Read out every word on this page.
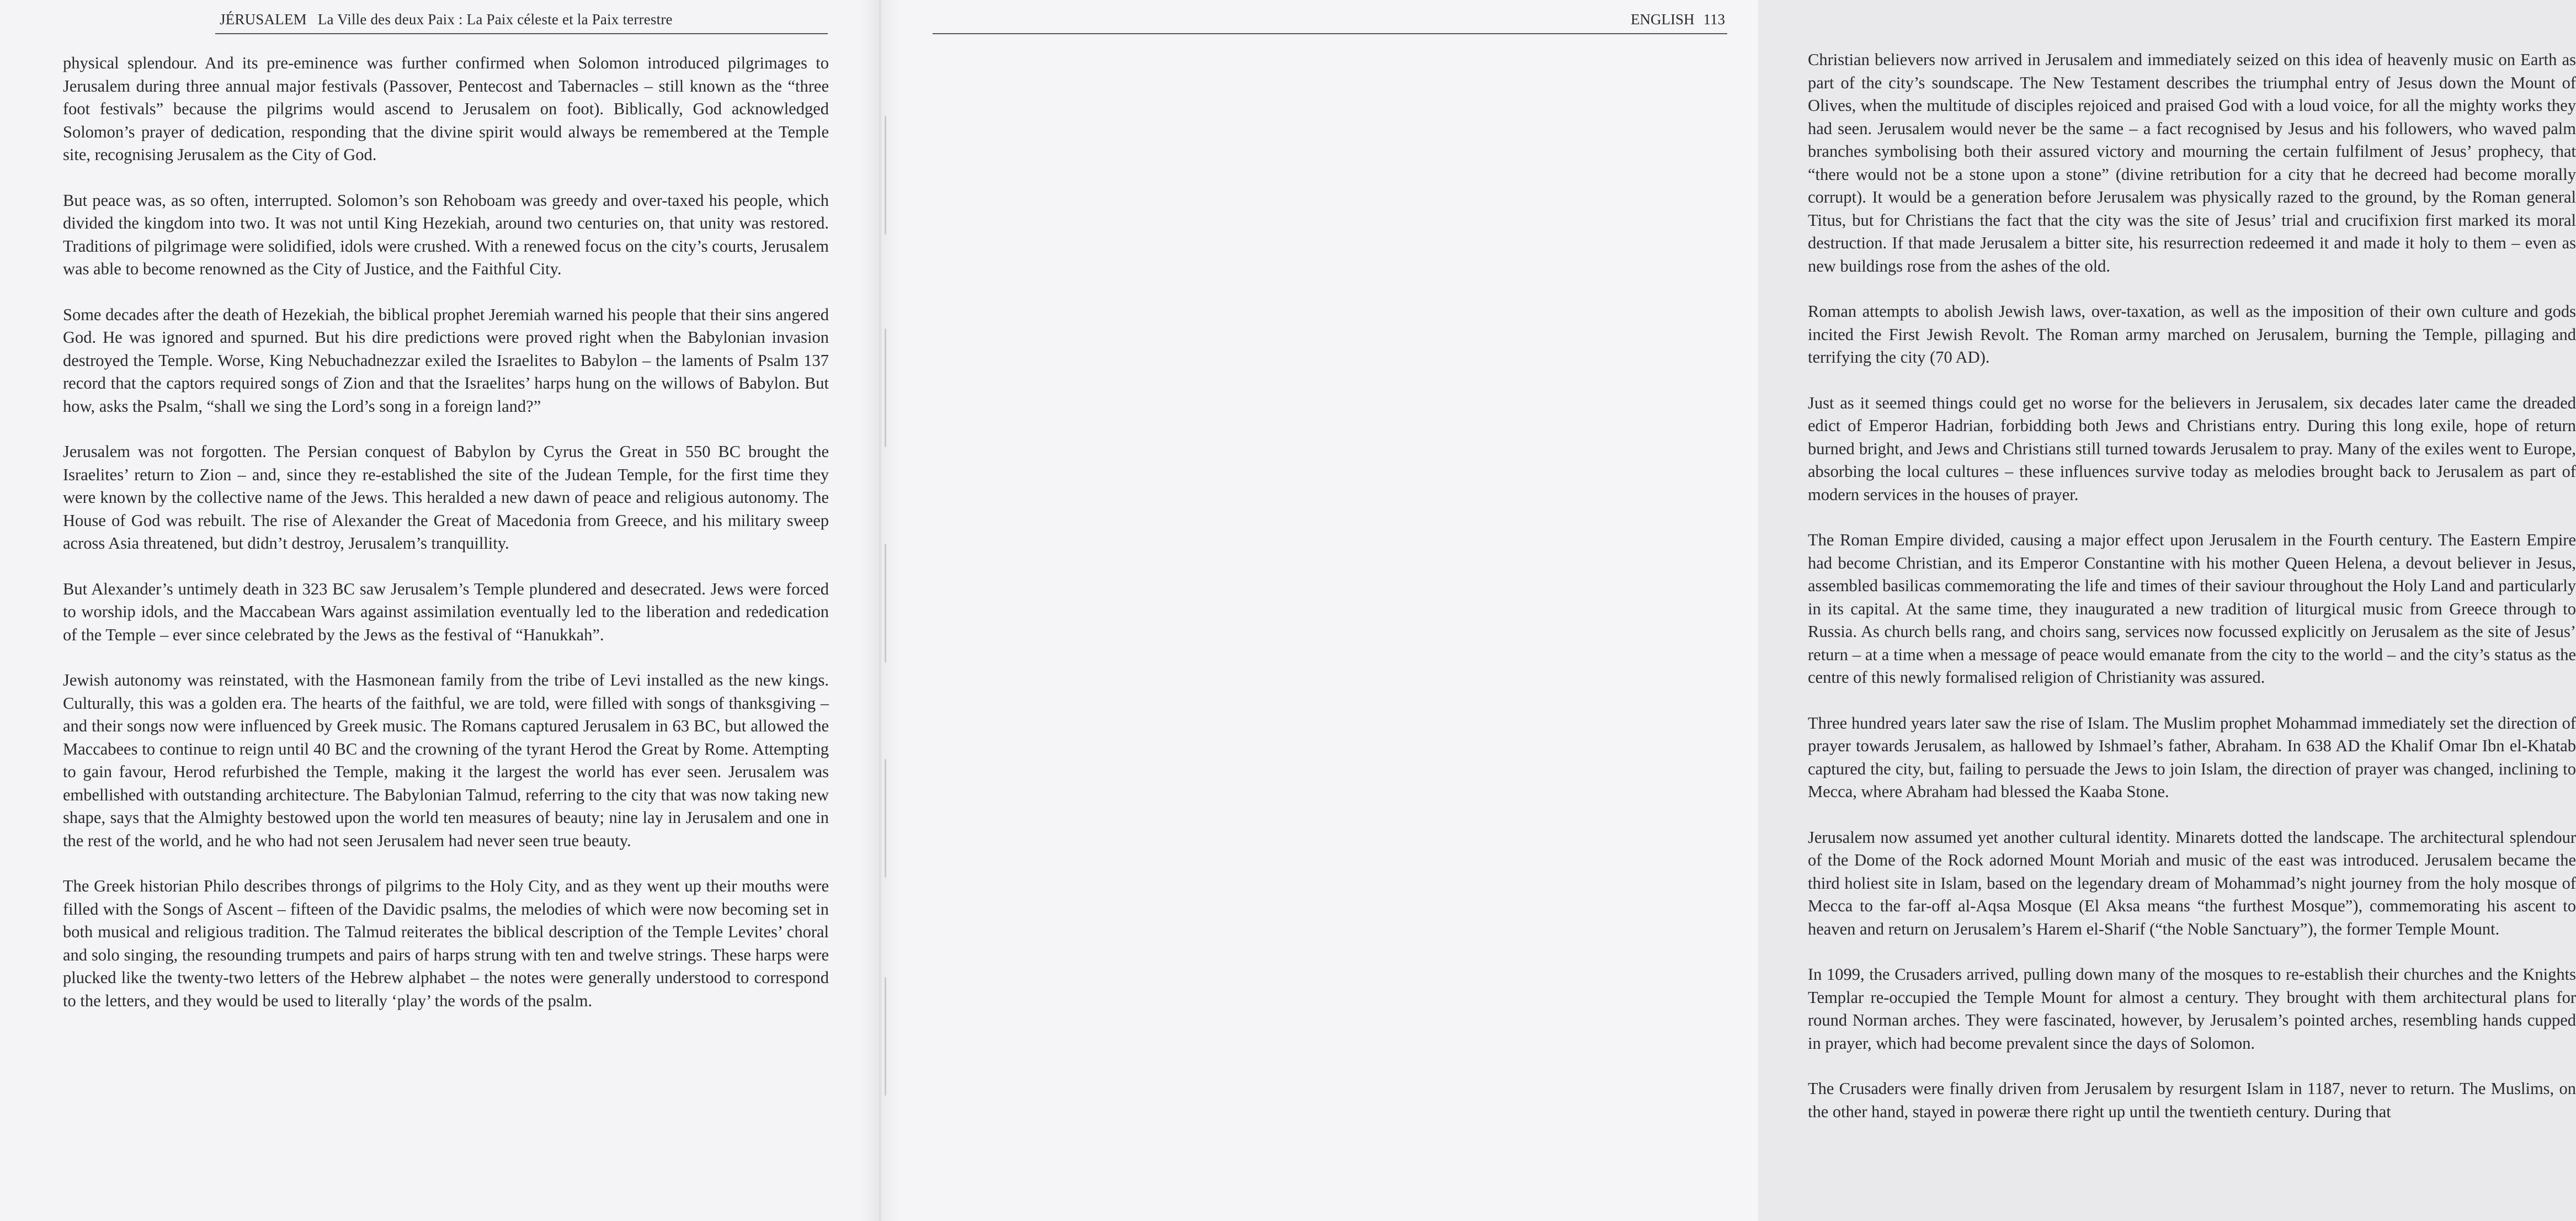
JÉRUSALEM La Ville des deux Paix : La Paix céleste et la Paix terrestre

physical splendour. And its pre-eminence was further confirmed when Solomon introduced pilgrimages to Jerusalem during three annual major festivals (Passover, Pentecost and Tabernacles – still known as the “three foot festivals” because the pilgrims would ascend to Jerusalem on foot). Biblically, God acknowledged Solomon’s prayer of dedication, responding that the divine spirit would always be remembered at the Temple site, recognising Jerusalem as the City of God.

But peace was, as so often, interrupted. Solomon’s son Rehoboam was greedy and over-taxed his people, which divided the kingdom into two. It was not until King Hezekiah, around two centuries on, that unity was restored. Traditions of pilgrimage were solidified, idols were crushed. With a renewed focus on the city’s courts, Jerusalem was able to become renowned as the City of Justice, and the Faithful City.

Some decades after the death of Hezekiah, the biblical prophet Jeremiah warned his people that their sins angered God. He was ignored and spurned. But his dire predictions were proved right when the Babylonian invasion destroyed the Temple. Worse, King Nebuchadnezzar exiled the Israelites to Babylon – the laments of Psalm 137 record that the captors required songs of Zion and that the Israelites’ harps hung on the willows of Babylon. But how, asks the Psalm, “shall we sing the Lord’s song in a foreign land?”

Jerusalem was not forgotten. The Persian conquest of Babylon by Cyrus the Great in 550 BC brought the Israelites’ return to Zion – and, since they re-established the site of the Judean Temple, for the first time they were known by the collective name of the Jews. This heralded a new dawn of peace and religious autonomy. The House of God was rebuilt. The rise of Alexander the Great of Macedonia from Greece, and his military sweep across Asia threatened, but didn’t destroy, Jerusalem’s tranquillity.

But Alexander’s untimely death in 323 BC saw Jerusalem’s Temple plundered and desecrated. Jews were forced to worship idols, and the Maccabean Wars against assimilation eventually led to the liberation and rededication of the Temple – ever since celebrated by the Jews as the festival of “Hanukkah”.

Jewish autonomy was reinstated, with the Hasmonean family from the tribe of Levi installed as the new kings. Culturally, this was a golden era. The hearts of the faithful, we are told, were filled with songs of thanksgiving – and their songs now were influenced by Greek music. The Romans captured Jerusalem in 63 BC, but allowed the Maccabees to continue to reign until 40 BC and the crowning of the tyrant Herod the Great by Rome. Attempting to gain favour, Herod refurbished the Temple, making it the largest the world has ever seen. Jerusalem was embellished with outstanding architecture. The Babylonian Talmud, referring to the city that was now taking new shape, says that the Almighty bestowed upon the world ten measures of beauty; nine lay in Jerusalem and one in the rest of the world, and he who had not seen Jerusalem had never seen true beauty.

The Greek historian Philo describes throngs of pilgrims to the Holy City, and as they went up their mouths were filled with the Songs of Ascent – fifteen of the Davidic psalms, the melodies of which were now becoming set in both musical and religious tradition. The Talmud reiterates the biblical description of the Temple Levites’ choral and solo singing, the resounding trumpets and pairs of harps strung with ten and twelve strings. These harps were plucked like the twenty-two letters of the Hebrew alphabet – the notes were generally understood to correspond to the letters, and they would be used to literally ‘play’ the words of the psalm.

ENGLISH 113

Christian believers now arrived in Jerusalem and immediately seized on this idea of heavenly music on Earth as part of the city’s soundscape. The New Testament describes the triumphal entry of Jesus down the Mount of Olives, when the multitude of disciples rejoiced and praised God with a loud voice, for all the mighty works they had seen. Jerusalem would never be the same – a fact recognised by Jesus and his followers, who waved palm branches symbolising both their assured victory and mourning the certain fulfilment of Jesus’ prophecy, that “there would not be a stone upon a stone” (divine retribution for a city that he decreed had become morally corrupt). It would be a generation before Jerusalem was physically razed to the ground, by the Roman general Titus, but for Christians the fact that the city was the site of Jesus’ trial and crucifixion first marked its moral destruction. If that made Jerusalem a bitter site, his resurrection redeemed it and made it holy to them – even as new buildings rose from the ashes of the old.

Roman attempts to abolish Jewish laws, over-taxation, as well as the imposition of their own culture and gods incited the First Jewish Revolt. The Roman army marched on Jerusalem, burning the Temple, pillaging and terrifying the city (70 AD).

Just as it seemed things could get no worse for the believers in Jerusalem, six decades later came the dreaded edict of Emperor Hadrian, forbidding both Jews and Christians entry. During this long exile, hope of return burned bright, and Jews and Christians still turned towards Jerusalem to pray. Many of the exiles went to Europe, absorbing the local cultures – these influences survive today as melodies brought back to Jerusalem as part of modern services in the houses of prayer.

The Roman Empire divided, causing a major effect upon Jerusalem in the Fourth century. The Eastern Empire had become Christian, and its Emperor Constantine with his mother Queen Helena, a devout believer in Jesus, assembled basilicas commemorating the life and times of their saviour throughout the Holy Land and particularly in its capital. At the same time, they inaugurated a new tradition of liturgical music from Greece through to Russia. As church bells rang, and choirs sang, services now focussed explicitly on Jerusalem as the site of Jesus’ return – at a time when a message of peace would emanate from the city to the world – and the city’s status as the centre of this newly formalised religion of Christianity was assured.

Three hundred years later saw the rise of Islam. The Muslim prophet Mohammad immediately set the direction of prayer towards Jerusalem, as hallowed by Ishmael’s father, Abraham. In 638 AD the Khalif Omar Ibn el-Khatab captured the city, but, failing to persuade the Jews to join Islam, the direction of prayer was changed, inclining to Mecca, where Abraham had blessed the Kaaba Stone.

Jerusalem now assumed yet another cultural identity. Minarets dotted the landscape. The architectural splendour of the Dome of the Rock adorned Mount Moriah and music of the east was introduced. Jerusalem became the third holiest site in Islam, based on the legendary dream of Mohammad’s night journey from the holy mosque of Mecca to the far-off al-Aqsa Mosque (El Aksa means “the furthest Mosque”), commemorating his ascent to heaven and return on Jerusalem’s Harem el-Sharif (“the Noble Sanctuary”), the former Temple Mount.

In 1099, the Crusaders arrived, pulling down many of the mosques to re-establish their churches and the Knights Templar re-occupied the Temple Mount for almost a century. They brought with them architectural plans for round Norman arches. They were fascinated, however, by Jerusalem’s pointed arches, resembling hands cupped in prayer, which had become prevalent since the days of Solomon.

The Crusaders were finally driven from Jerusalem by resurgent Islam in 1187, never to return. The Muslims, on the other hand, stayed in powerӕ there right up until the twentieth century. During that
